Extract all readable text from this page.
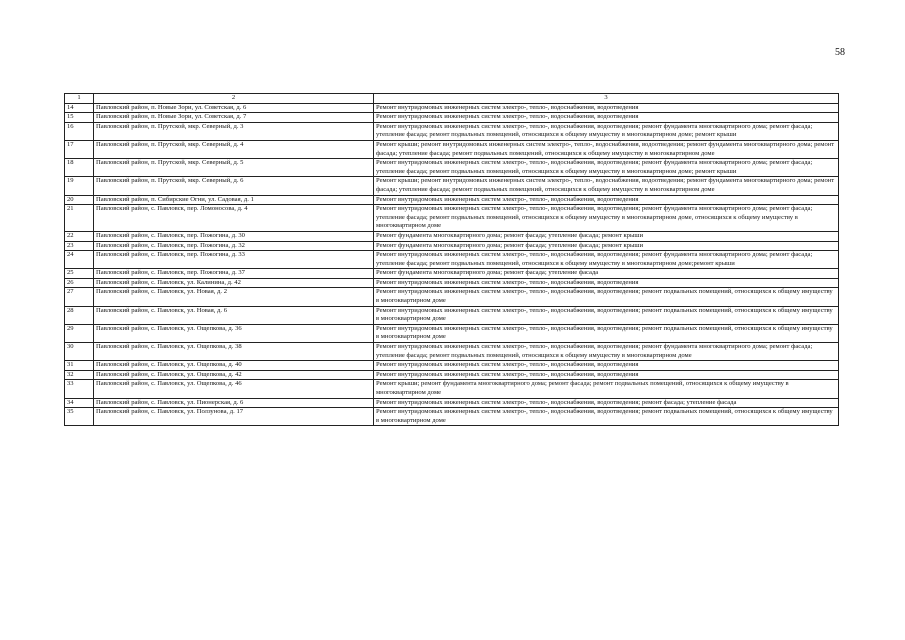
58
1	2	3
14	Павловский район, п. Новые Зори, ул. Советская, д. 6	Ремонт внутридомовых инженерных систем электро-, тепло-, водоснабжения, водоотведения
15	Павловский район, п. Новые Зори, ул. Советская, д. 7	Ремонт внутридомовых инженерных систем электро-, тепло-, водоснабжения, водоотведения
16	Павловский район, п. Прутской, мкр. Северный, д. 3	Ремонт внутридомовых инженерных систем электро-, тепло-, водоснабжения, водоотведения; ремонт фундамента многоквартирного дома; ремонт фасада; утепление фасада; ремонт подвальных помещений, относящихся к общему имуществу в многоквартирном доме; ремонт крыши
17	Павловский район, п. Прутской, мкр. Северный, д. 4	Ремонт крыши; ремонт внутридомовых инженерных систем электро-, тепло-, водоснабжения, водоотведения; ремонт фундамента многоквартирного дома; ремонт фасада; утепление фасада; ремонт подвальных помещений, относящихся к общему имуществу в многоквартирном доме
18	Павловский район, п. Прутской, мкр. Северный, д. 5	Ремонт внутридомовых инженерных систем электро-, тепло-, водоснабжения, водоотведения; ремонт фундамента многоквартирного дома; ремонт фасада; утепление фасада; ремонт подвальных помещений, относящихся к общему имуществу в многоквартирном доме; ремонт крыши
19	Павловский район, п. Прутской, мкр. Северный, д. 6	Ремонт крыши; ремонт внутридомовых инженерных систем электро-, тепло-, водоснабжения, водоотведения; ремонт фундамента многоквартирного дома; ремонт фасада; утепление фасада; ремонт подвальных помещений, относящихся к общему имуществу в многоквартирном доме
20	Павловский район, п. Сибирские Огни, ул. Садовая, д. 1	Ремонт внутридомовых инженерных систем электро-, тепло-, водоснабжения, водоотведения
21	Павловский район, с. Павловск, пер. Ломоносова, д. 4	Ремонт внутридомовых инженерных систем электро-, тепло-, водоснабжения, водоотведения; ремонт фундамента многоквартирного дома; ремонт фасада; утепление фасада; ремонт подвальных помещений, относящихся к общему имуществу в многоквартирном доме, относящихся к общему имуществу в многоквартирном доме
22	Павловский район, с. Павловск, пер. Пожогина, д. 30	Ремонт фундамента многоквартирного дома; ремонт фасада; утепление фасада; ремонт крыши
23	Павловский район, с. Павловск, пер. Пожогина, д. 32	Ремонт фундамента многоквартирного дома; ремонт фасада; утепление фасада; ремонт крыши
24	Павловский район, с. Павловск, пер. Пожогина, д. 33	Ремонт внутридомовых инженерных систем электро-, тепло-, водоснабжения, водоотведения; ремонт фундамента многоквартирного дома; ремонт фасада; утепление фасада; ремонт подвальных помещений, относящихся к общему имуществу в многоквартирном доме;ремонт крыши
25	Павловский район, с. Павловск, пер. Пожогина, д. 37	Ремонт фундамента многоквартирного дома; ремонт фасада; утепление фасада
26	Павловский район, с. Павловск, ул. Калинина, д. 42	Ремонт внутридомовых инженерных систем электро-, тепло-, водоснабжения, водоотведения
27	Павловский район, с. Павловск, ул. Новая, д. 2	Ремонт внутридомовых инженерных систем электро-, тепло-, водоснабжения, водоотведения; ремонт подвальных помещений, относящихся к общему имуществу в многоквартирном доме
28	Павловский район, с. Павловск, ул. Новая, д. 6	Ремонт внутридомовых инженерных систем электро-, тепло-, водоснабжения, водоотведения; ремонт подвальных помещений, относящихся к общему имуществу в многоквартирном доме
29	Павловский район, с. Павловск, ул. Ощепкова, д. 36	Ремонт внутридомовых инженерных систем электро-, тепло-, водоснабжения, водоотведения; ремонт подвальных помещений, относящихся к общему имуществу в многоквартирном доме
30	Павловский район, с. Павловск, ул. Ощепкова, д. 38	Ремонт внутридомовых инженерных систем электро-, тепло-, водоснабжения, водоотведения; ремонт фундамента многоквартирного дома; ремонт фасада; утепление фасада; ремонт подвальных помещений, относящихся к общему имуществу в многоквартирном доме
31	Павловский район, с. Павловск, ул. Ощепкова, д. 40	Ремонт внутридомовых инженерных систем электро-, тепло-, водоснабжения, водоотведения
32	Павловский район, с. Павловск, ул. Ощепкова, д. 42	Ремонт внутридомовых инженерных систем электро-, тепло-, водоснабжения, водоотведения
33	Павловский район, с. Павловск, ул. Ощепкова, д. 46	Ремонт крыши; ремонт фундамента многоквартирного дома; ремонт фасада; ремонт подвальных помещений, относящихся к общему имуществу в многоквартирном доме
34	Павловский район, с. Павловск, ул. Пионерская, д. 6	Ремонт внутридомовых инженерных систем электро-, тепло-, водоснабжения, водоотведения; ремонт фасада; утепление фасада
35	Павловский район, с. Павловск, ул. Ползунова, д. 17	Ремонт внутридомовых инженерных систем электро-, тепло-, водоснабжения, водоотведения; ремонт подвальных помещений, относящихся к общему имуществу в многоквартирном доме
